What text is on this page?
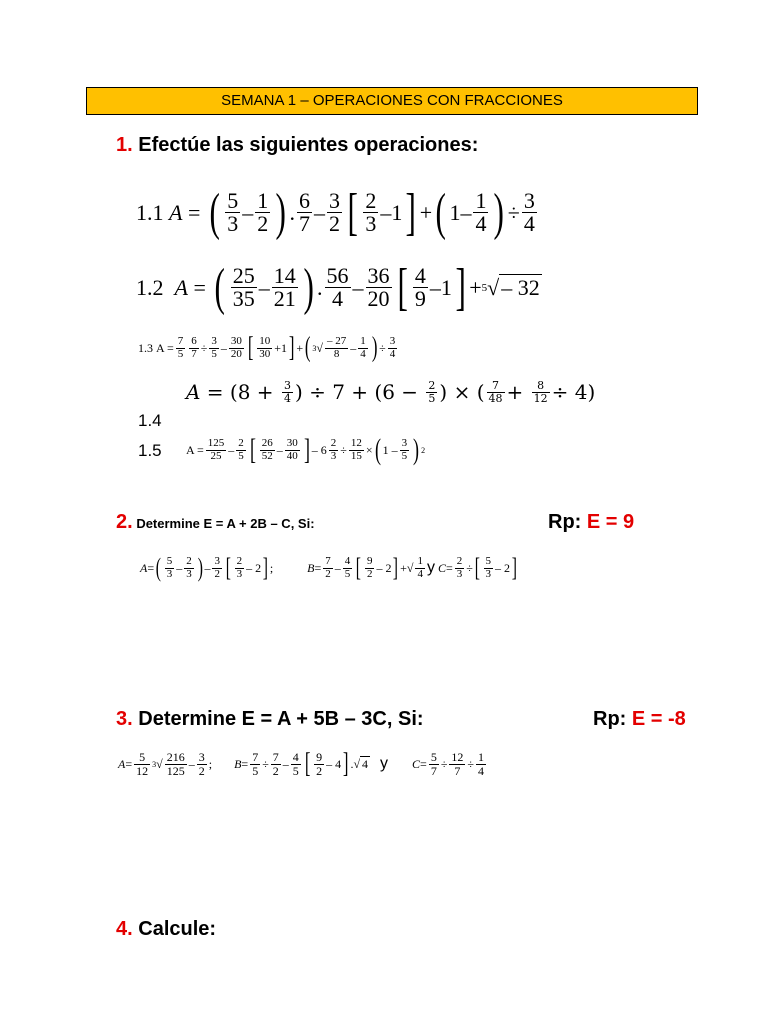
SEMANA 1 – OPERACIONES CON FRACCIONES
1. Efectúe las siguientes operaciones:
1.1
A = ( $\frac{5}{3} - \frac{1}{2}$ ) . $\frac{6}{7} - \frac{3}{2}$ [ $\frac{2}{3} -1$ ] + ( $1- \frac{1}{4}$ ) ÷ $\frac{3}{4}$
1.2
A = ( $\frac{25}{35} - \frac{14}{21}$ ) . $\frac{56}{4} - \frac{36}{20}$ [ $\frac{4}{9} -1$ ] + 5 √ – 32
1.3
$A = \frac{7}{5} \frac{6}{7} \div \frac{3}{5} - \frac{30}{20}$ [ $\frac{10}{30} +1$ ] + ( 3 √ $\frac{- 27}{8} - \frac{1}{4}$ ) ÷ $\frac{3}{4}$
$A = (8 + \frac{3}{4}$ ) ÷ $7 + (6 - \frac{2}{5}$ ) × ( $\frac{7}{48} + \frac{8}{12} \div 4$)
1.4
1.5 $A = \frac{125}{25} - \frac{2}{5}$ [ $\frac{26}{52} - \frac{30}{40}$ ] – $6 \frac{2}{3} \div \frac{12}{15}$ × ( $1 - \frac{3}{5}$ ) 2
2. Determine E = A + 2B – C, Si:	Rp: E = 9
A = ( $\frac{5}{3} - \frac{2}{3}$ ) – $\frac{3}{2}$ [ $\frac{2}{3} - 2$ ] ;	$B = \frac{7}{2} - \frac{4}{5}$ [ $\frac{9}{2} - 2$ ] +√ $\frac{1}{4}$ y $C = \frac{2}{3}$ ÷ [ $\frac{5}{3} - 2$ ]
3. Determine E = A + 5B – 3C, Si:	Rp: E = -8
$A = \frac{5}{12} 3$ √ $\frac{216}{125} - \frac{3}{2}$ ; $B = \frac{7}{5} \div \frac{7}{2} - \frac{4}{5}$ [ $\frac{9}{2} - 4$ ] .√ 4 y $C = \frac{5}{7} \div \frac{12}{7} \div \frac{1}{4}$
4. Calcule:
